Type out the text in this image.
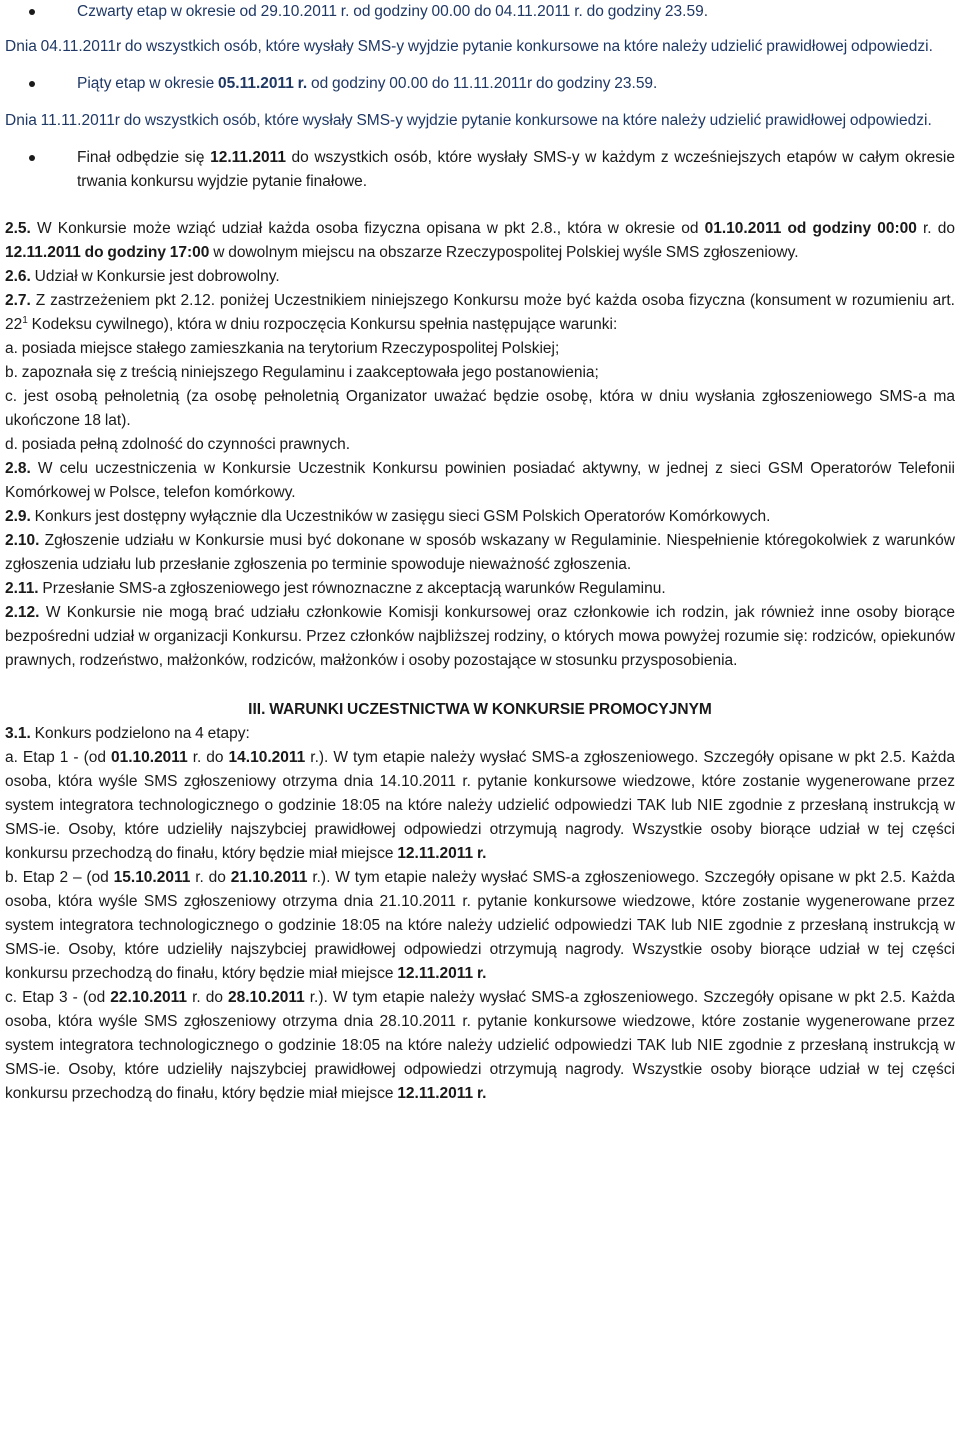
Czwarty etap w okresie od 29.10.2011 r. od godziny 00.00 do 04.11.2011 r. do godziny 23.59.

Dnia 04.11.2011r do wszystkich osób, które wysłały SMS-y wyjdzie pytanie konkursowe na które należy udzielić prawidłowej odpowiedzi.

Piąty etap w okresie 05.11.2011 r. od godziny 00.00 do 11.11.2011r do godziny 23.59.

Dnia 11.11.2011r do wszystkich osób, które wysłały SMS-y wyjdzie pytanie konkursowe na które należy udzielić prawidłowej odpowiedzi.

Finał odbędzie się 12.11.2011 do wszystkich osób, które wysłały SMS-y w każdym z wcześniejszych etapów w całym okresie trwania konkursu wyjdzie pytanie finałowe.

2.5. W Konkursie może wziąć udział każda osoba fizyczna opisana w pkt 2.8., która w okresie od 01.10.2011 od godziny 00:00 r. do 12.11.2011 do godziny 17:00 w dowolnym miejscu na obszarze Rzeczypospolitej Polskiej wyśle SMS zgłoszeniowy.

2.6. Udział w Konkursie jest dobrowolny.

2.7. Z zastrzeżeniem pkt 2.12. poniżej Uczestnikiem niniejszego Konkursu może być każda osoba fizyczna (konsument w rozumieniu art. $22^1$ Kodeksu cywilnego), która w dniu rozpoczęcia Konkursu spełnia następujące warunki:

a. posiada miejsce stałego zamieszkania na terytorium Rzeczypospolitej Polskiej;

b. zapoznała się z treścią niniejszego Regulaminu i zaakceptowała jego postanowienia;

c. jest osobą pełnoletnią (za osobę pełnoletnią Organizator uważać będzie osobę, która w dniu wysłania zgłoszeniowego SMS-a ma ukończone 18 lat).

d. posiada pełną zdolność do czynności prawnych.

2.8. W celu uczestniczenia w Konkursie Uczestnik Konkursu powinien posiadać aktywny, w jednej z sieci GSM Operatorów Telefonii Komórkowej w Polsce, telefon komórkowy.

2.9. Konkurs jest dostępny wyłącznie dla Uczestników w zasięgu sieci GSM Polskich Operatorów Komórkowych.

2.10. Zgłoszenie udziału w Konkursie musi być dokonane w sposób wskazany w Regulaminie. Niespełnienie któregokolwiek z warunków zgłoszenia udziału lub przesłanie zgłoszenia po terminie spowoduje nieważność zgłoszenia.

2.11. Przesłanie SMS-a zgłoszeniowego jest równoznaczne z akceptacją warunków Regulaminu.

2.12. W Konkursie nie mogą brać udziału członkowie Komisji konkursowej oraz członkowie ich rodzin, jak również inne osoby biorące bezpośredni udział w organizacji Konkursu. Przez członków najbliższej rodziny, o których mowa powyżej rozumie się: rodziców, opiekunów prawnych, rodzeństwo, małżonków, rodziców, małżonków i osoby pozostające w stosunku przysposobienia.

III. WARUNKI UCZESTNICTWA W KONKURSIE PROMOCYJNYM

3.1. Konkurs podzielono na 4 etapy:

a. Etap 1 - (od 01.10.2011 r. do 14.10.2011 r.). W tym etapie należy wysłać SMS-a zgłoszeniowego. Szczegóły opisane w pkt 2.5. Każda osoba, która wyśle SMS zgłoszeniowy otrzyma dnia 14.10.2011 r. pytanie konkursowe wiedzowe, które zostanie wygenerowane przez system integratora technologicznego o godzinie 18:05 na które należy udzielić odpowiedzi TAK lub NIE zgodnie z przesłaną instrukcją w SMS-ie. Osoby, które udzieliły najszybciej prawidłowej odpowiedzi otrzymują nagrody. Wszystkie osoby biorące udział w tej części konkursu przechodzą do finału, który będzie miał miejsce 12.11.2011 r.

b. Etap 2 – (od 15.10.2011 r. do 21.10.2011 r.). W tym etapie należy wysłać SMS-a zgłoszeniowego. Szczegóły opisane w pkt 2.5. Każda osoba, która wyśle SMS zgłoszeniowy otrzyma dnia 21.10.2011 r. pytanie konkursowe wiedzowe, które zostanie wygenerowane przez system integratora technologicznego o godzinie 18:05 na które należy udzielić odpowiedzi TAK lub NIE zgodnie z przesłaną instrukcją w SMS-ie. Osoby, które udzieliły najszybciej prawidłowej odpowiedzi otrzymują nagrody. Wszystkie osoby biorące udział w tej części konkursu przechodzą do finału, który będzie miał miejsce 12.11.2011 r.

c. Etap 3 - (od 22.10.2011 r. do 28.10.2011 r.). W tym etapie należy wysłać SMS-a zgłoszeniowego. Szczegóły opisane w pkt 2.5. Każda osoba, która wyśle SMS zgłoszeniowy otrzyma dnia 28.10.2011 r. pytanie konkursowe wiedzowe, które zostanie wygenerowane przez system integratora technologicznego o godzinie 18:05 na które należy udzielić odpowiedzi TAK lub NIE zgodnie z przesłaną instrukcją w SMS-ie. Osoby, które udzieliły najszybciej prawidłowej odpowiedzi otrzymują nagrody. Wszystkie osoby biorące udział w tej części konkursu przechodzą do finału, który będzie miał miejsce 12.11.2011 r.
